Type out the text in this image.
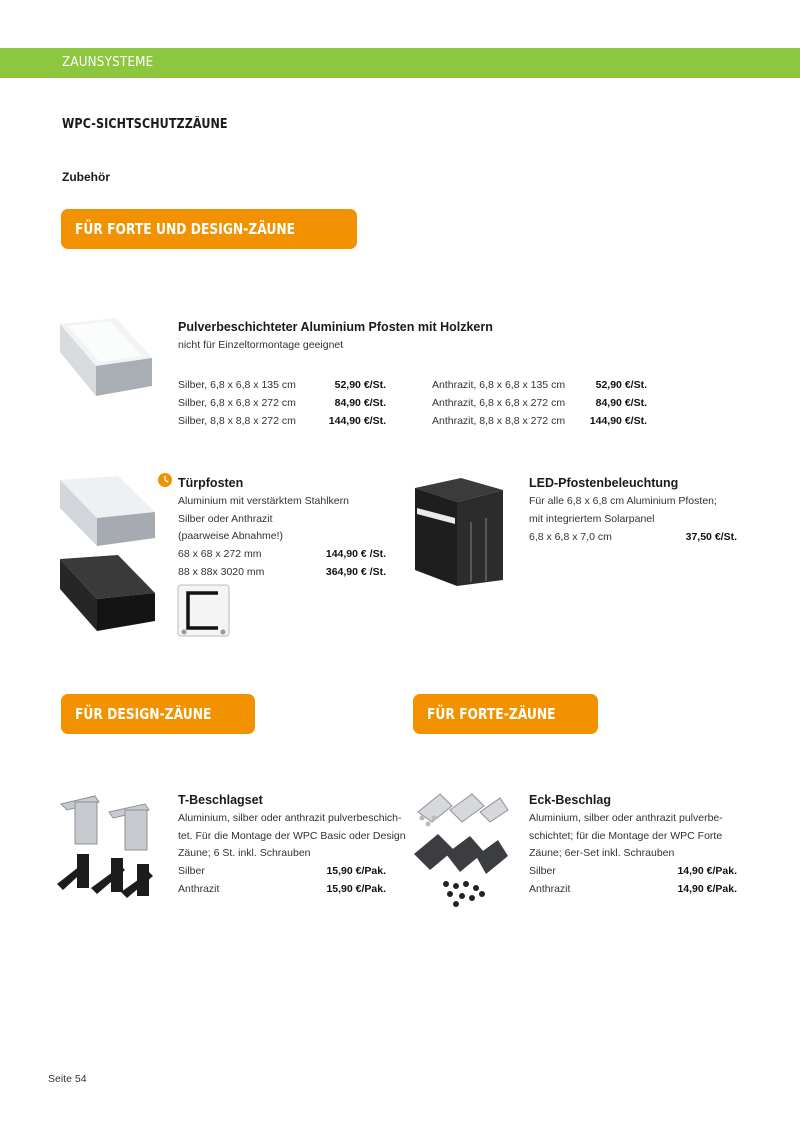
ZAUNSYSTEME
WPC-SICHTSCHUTZZÄUNE
Zubehör
FÜR FORTE UND DESIGN-ZÄUNE
Pulverbeschichteter Aluminium Pfosten mit Holzkern
nicht für Einzeltormontage geeignet
Silber, 6,8 x 6,8 x 135 cm	52,90 €/St.
Silber, 6,8 x 6,8 x 272 cm	84,90 €/St.
Silber, 8,8 x 8,8 x 272 cm	144,90 €/St.
Anthrazit, 6,8 x 6,8 x 135 cm	52,90 €/St.
Anthrazit, 6,8 x 6,8 x 272 cm	84,90 €/St.
Anthrazit, 8,8 x 8,8 x 272 cm	144,90 €/St.
Türpfosten
Aluminium mit verstärktem Stahlkern
Silber oder Anthrazit
(paarweise Abnahme!)
68 x 68 x 272 mm	144,90 € /St.
88 x 88x 3020 mm	364,90 € /St.
LED-Pfostenbeleuchtung
Für alle 6,8 x 6,8 cm Aluminium Pfosten;
mit integriertem Solarpanel
6,8 x 6,8 x 7,0 cm	37,50 €/St.
FÜR DESIGN-ZÄUNE	FÜR FORTE-ZÄUNE
T-Beschlagset
Aluminium, silber oder anthrazit pulverbeschich-
tet. Für die Montage der WPC Basic oder Design
Zäune; 6 St. inkl. Schrauben
Silber	15,90 €/Pak.
Anthrazit	15,90 €/Pak.
Eck-Beschlag
Aluminium, silber oder anthrazit pulverbe-
schichtet; für die Montage der WPC Forte
Zäune; 6er-Set inkl. Schrauben
Silber	14,90 €/Pak.
Anthrazit	14,90 €/Pak.
Seite 54
